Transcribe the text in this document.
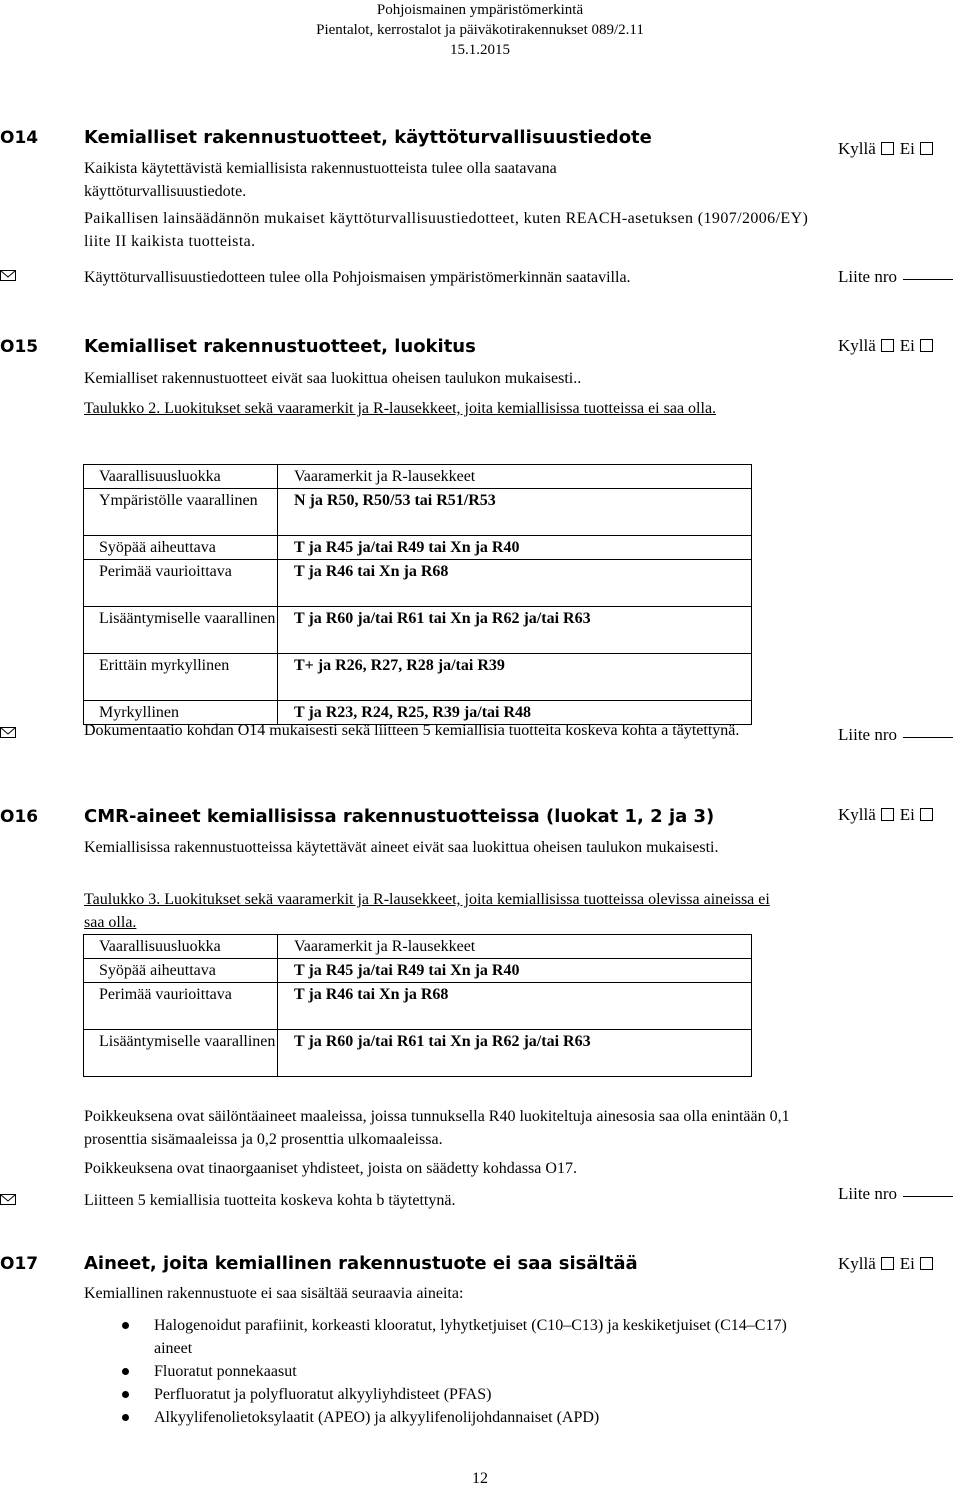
Pohjoismainen ympäristömerkintä
Pientalot, kerrostalot ja päiväkotirakennukset 089/2.11
15.1.2015
O14	Kemialliset rakennustuotteet, käyttöturvallisuustiedote
Kyllä Ei
Kaikista käytettävistä kemiallisista rakennustuotteista tulee olla saatavana käyttöturvallisuustiedote.
Paikallisen lainsäädännön mukaiset käyttöturvallisuustiedotteet, kuten REACH-asetuksen (1907/2006/EY) liite II kaikista tuotteista.
Käyttöturvallisuustiedotteen tulee olla Pohjoismaisen ympäristömerkinnän saatavilla.	Liite nro
O15	Kemialliset rakennustuotteet, luokitus	Kyllä Ei
Kemialliset rakennustuotteet eivät saa luokittua oheisen taulukon mukaisesti..
Taulukko 2. Luokitukset sekä vaaramerkit ja R-lausekkeet, joita kemiallisissa tuotteissa ei saa olla.
Vaarallisuusluokka	Vaaramerkit ja R-lausekkeet
Ympäristölle vaarallinen	N ja R50, R50/53 tai R51/R53
Syöpää aiheuttava	T ja R45 ja/tai R49 tai Xn ja R40
Perimää vaurioittava	T ja R46 tai Xn ja R68
Lisääntymiselle vaarallinen	T ja R60 ja/tai R61 tai Xn ja R62 ja/tai R63
Erittäin myrkyllinen	T+ ja R26, R27, R28 ja/tai R39
Myrkyllinen	T ja R23, R24, R25, R39 ja/tai R48
Dokumentaatio kohdan O14 mukaisesti sekä liitteen 5 kemiallisia tuotteita koskeva kohta a täytettynä.	Liite nro
O16	CMR-aineet kemiallisissa rakennustuotteissa (luokat 1, 2 ja 3)	Kyllä Ei
Kemiallisissa rakennustuotteissa käytettävät aineet eivät saa luokittua oheisen taulukon mukaisesti.
Taulukko 3. Luokitukset sekä vaaramerkit ja R-lausekkeet, joita kemiallisissa tuotteissa olevissa aineissa ei saa olla.
Vaarallisuusluokka	Vaaramerkit ja R-lausekkeet
Syöpää aiheuttava	T ja R45 ja/tai R49 tai Xn ja R40
Perimää vaurioittava	T ja R46 tai Xn ja R68
Lisääntymiselle vaarallinen	T ja R60 ja/tai R61 tai Xn ja R62 ja/tai R63
Poikkeuksena ovat säilöntäaineet maaleissa, joissa tunnuksella R40 luokiteltuja ainesosia saa olla enintään 0,1 prosenttia sisämaaleissa ja 0,2 prosenttia ulkomaaleissa.
Poikkeuksena ovat tinaorgaaniset yhdisteet, joista on säädetty kohdassa O17.
Liitteen 5 kemiallisia tuotteita koskeva kohta b täytettynä.	Liite nro
O17	Aineet, joita kemiallinen rakennustuote ei saa sisältää	Kyllä Ei
Kemiallinen rakennustuote ei saa sisältää seuraavia aineita:
Halogenoidut parafiinit, korkeasti klooratut, lyhytketjuiset (C10–C13) ja keskiketjuiset (C14–C17) aineet
Fluoratut ponnekaasut
Perfluoratut ja polyfluoratut alkyyliyhdisteet (PFAS)
Alkyylifenolietoksylaatit (APEO) ja alkyylifenolijohdannaiset (APD)
12
